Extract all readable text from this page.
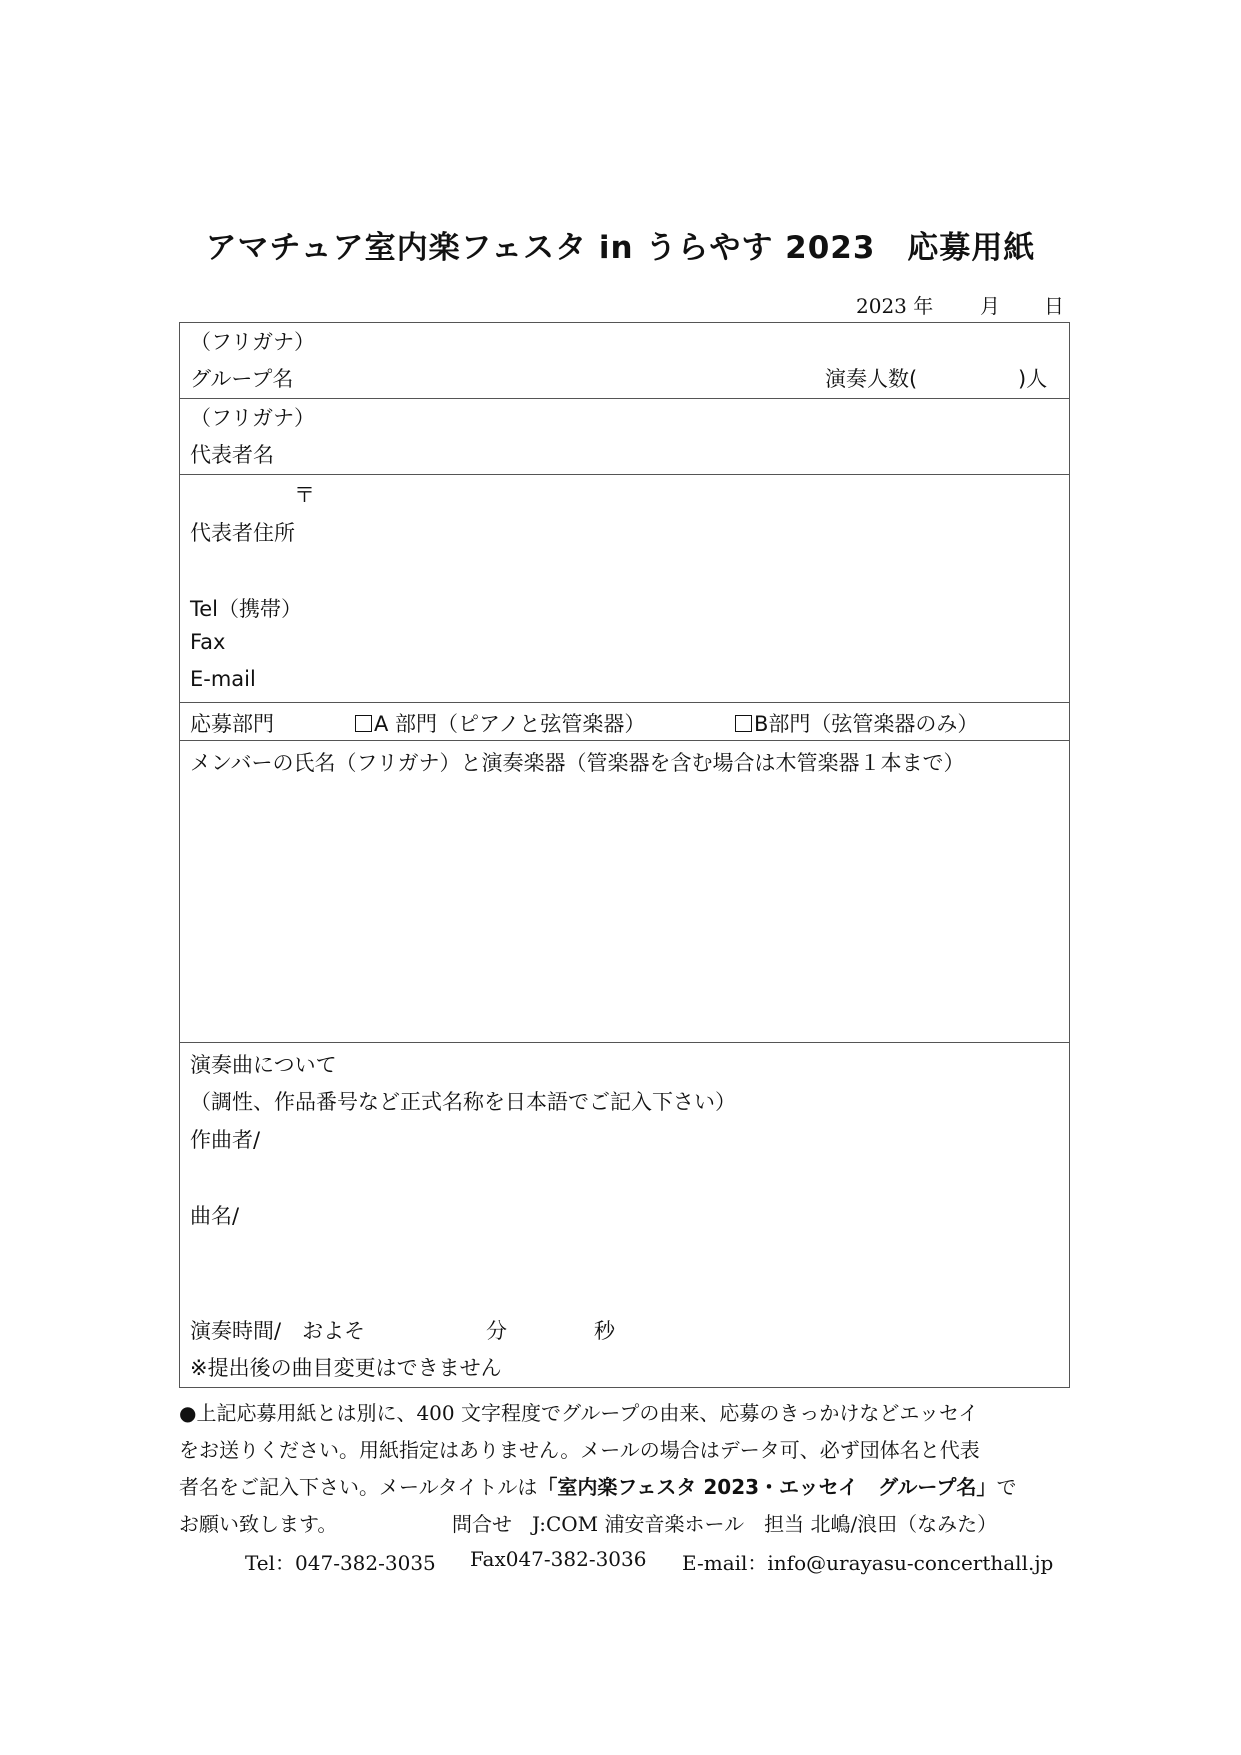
アマチュア室内楽フェスタ in うらやす 2023　応募用紙
2023 年 月 日
（フリガナ）
グループ名	演奏人数(	)人
（フリガナ）
代表者名
〒
代表者住所
Tel（携帯）
Fax
E-mail
応募部門	A 部門（ピアノと弦管楽器）	B部門（弦管楽器のみ）
メンバーの氏名（フリガナ）と演奏楽器（管楽器を含む場合は木管楽器１本まで）
演奏曲について
（調性、作品番号など正式名称を日本語でご記入下さい）
作曲者/
曲名/
演奏時間/　およそ	分	秒
※提出後の曲目変更はできません
●上記応募用紙とは別に、400 文字程度でグループの由来、応募のきっかけなどエッセイ
をお送りください。用紙指定はありません。メールの場合はデータ可、必ず団体名と代表
者名をご記入下さい。メールタイトルは「室内楽フェスタ 2023・エッセイ　グループ名」で
お願い致します。	問合せ　J:COM 浦安音楽ホール　担当 北嶋/浪田（なみた）
Tel：047-382-3035 Fax047-382-3036 E-mail：info@urayasu-concerthall.jp
